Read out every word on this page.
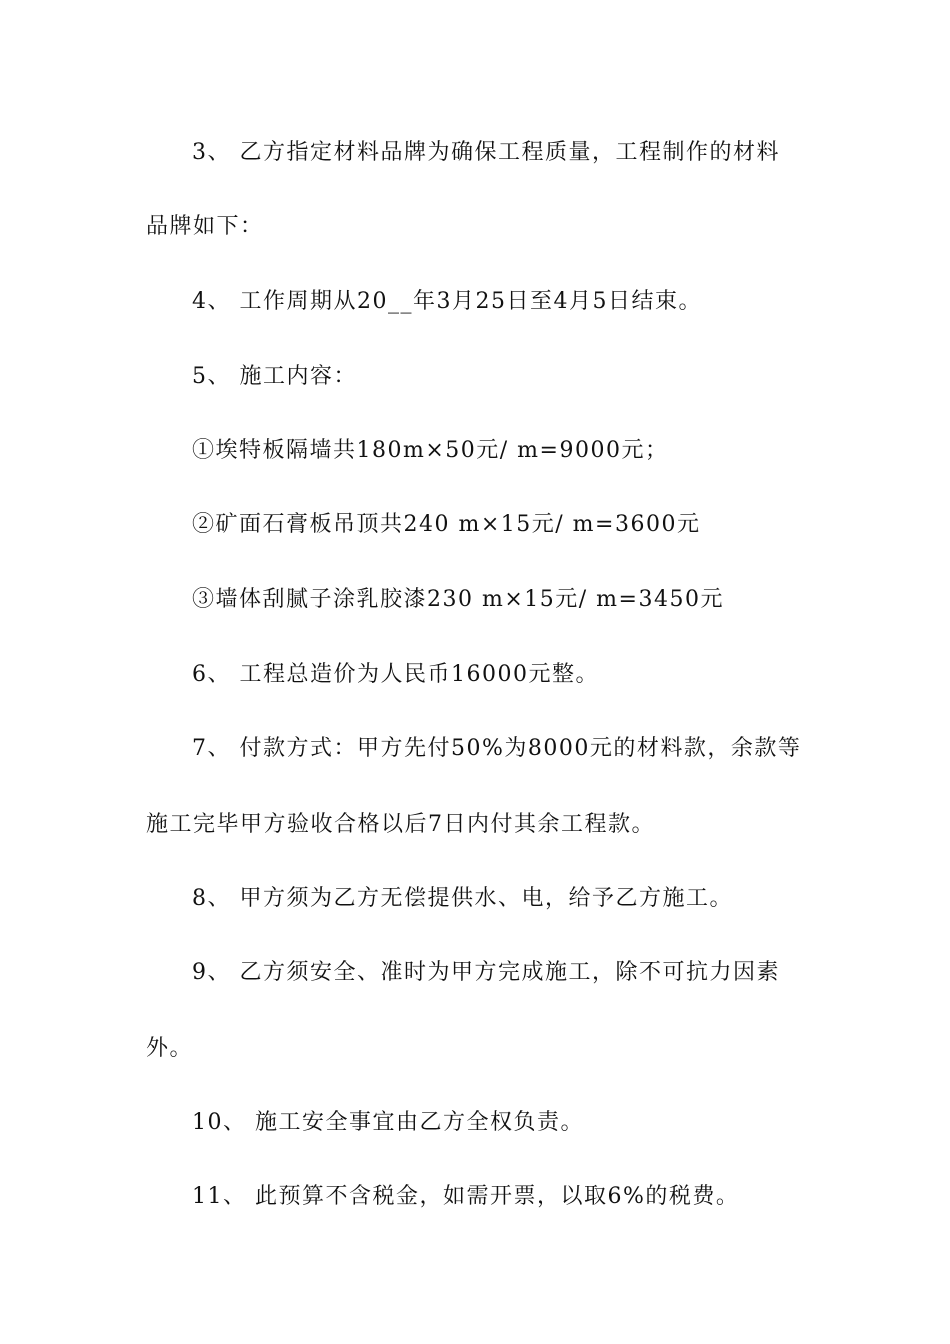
3、 乙方指定材料品牌为确保工程质量，工程制作的材料
品牌如下：
4、 工作周期从20__年3月25日至4月5日结束。
5、 施工内容：
①埃特板隔墙共180m×50元/ m=9000元；
②矿面石膏板吊顶共240 m×15元/ m=3600元
③墙体刮腻子涂乳胶漆230 m×15元/ m=3450元
6、 工程总造价为人民币16000元整。
7、 付款方式：甲方先付50%为8000元的材料款，余款等
施工完毕甲方验收合格以后7日内付其余工程款。
8、 甲方须为乙方无偿提供水、电，给予乙方施工。
9、 乙方须安全、准时为甲方完成施工，除不可抗力因素
外。
10、 施工安全事宜由乙方全权负责。
11、 此预算不含税金，如需开票，以取6%的税费。
